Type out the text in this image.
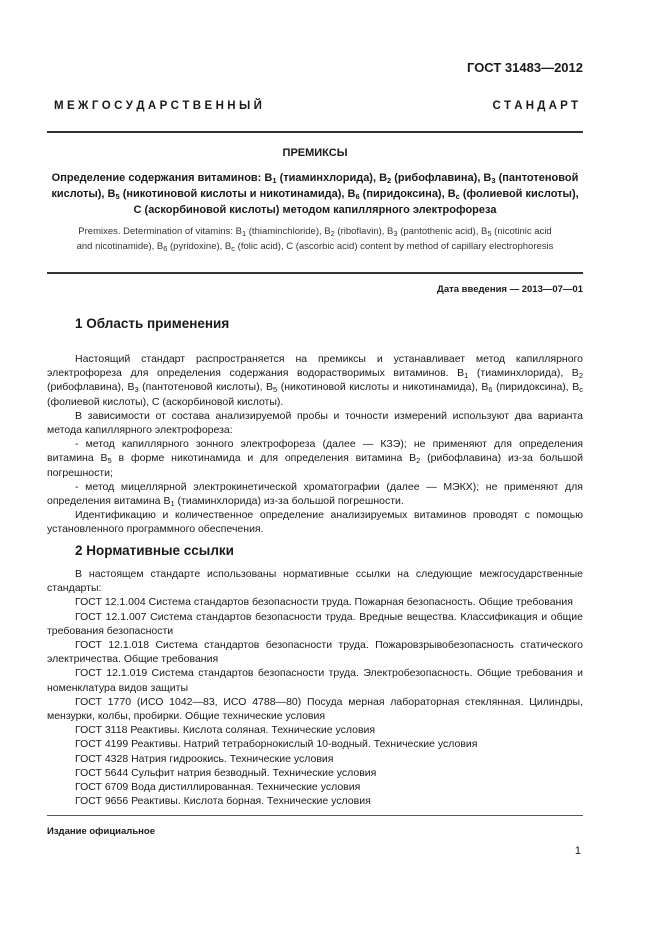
ГОСТ 31483—2012
М Е Ж Г О С У Д А Р С Т В Е Н Н Ы Й	С Т А Н Д А Р Т
ПРЕМИКСЫ
Определение содержания витаминов: $B_1$ (тиаминхлорида), $B_2$ (рибофлавина), $B_3$ (пантотеновой
кислоты), $B_5$ (никотиновой кислоты и никотинамида), $B_6$ (пиридоксина), $B_c$ (фолиевой кислоты),
C (аскорбиновой кислоты) методом капиллярного электрофореза
Premixes. Determination of vitamins: $B_1$ (thiaminchloride), $B_2$ (riboflavin), $B_3$ (pantothenic acid), $B_5$ (nicotinic acid
and nicotinamide), $B_6$ (pyridoxine), $B_c$ (folic acid), C (ascorbic acid) content by method of capillary electrophoresis
Дата введения — 2013—07—01
1 Область применения
Настоящий стандарт распространяется на премиксы и устанавливает метод капиллярного электрофореза для определения содержания водорастворимых витаминов. $B_1$ (тиаминхлорида), $B_2$ (рибофлавина), $B_3$ (пантотеновой кислоты), $B_5$ (никотиновой кислоты и никотинамида), $B_6$ (пиридоксина), $B_c$ (фолиевой кислоты), C (аскорбиновой кислоты).
В зависимости от состава анализируемой пробы и точности измерений используют два варианта метода капиллярного электрофореза:
- метод капиллярного зонного электрофореза (далее — КЗЭ); не применяют для определения витамина $B_5$ в форме никотинамида и для определения витамина $B_2$ (рибофлавина) из-за большой погрешности;
- метод мицеллярной электрокинетической хроматографии (далее — МЭКХ); не применяют для определения витамина $B_1$ (тиаминхлорида) из-за большой погрешности.
Идентификацию и количественное определение анализируемых витаминов проводят с помощью установленного программного обеспечения.
2 Нормативные ссылки
В настоящем стандарте использованы нормативные ссылки на следующие межгосударственные стандарты:
ГОСТ 12.1.004 Система стандартов безопасности труда. Пожарная безопасность. Общие требования
ГОСТ 12.1.007 Система стандартов безопасности труда. Вредные вещества. Классификация и общие требования безопасности
ГОСТ 12.1.018 Система стандартов безопасности труда. Пожаровзрывобезопасность статического электричества. Общие требования
ГОСТ 12.1.019 Система стандартов безопасности труда. Электробезопасность. Общие требования и номенклатура видов защиты
ГОСТ 1770 (ИСО 1042—83, ИСО 4788—80) Посуда мерная лабораторная стеклянная. Цилиндры, мензурки, колбы, пробирки. Общие технические условия
ГОСТ 3118 Реактивы. Кислота соляная. Технические условия
ГОСТ 4199 Реактивы. Натрий тетраборнокислый 10-водный. Технические условия
ГОСТ 4328 Натрия гидроокись. Технические условия
ГОСТ 5644 Сульфит натрия безводный. Технические условия
ГОСТ 6709 Вода дистиллированная. Технические условия
ГОСТ 9656 Реактивы. Кислота борная. Технические условия
Издание официальное
1
